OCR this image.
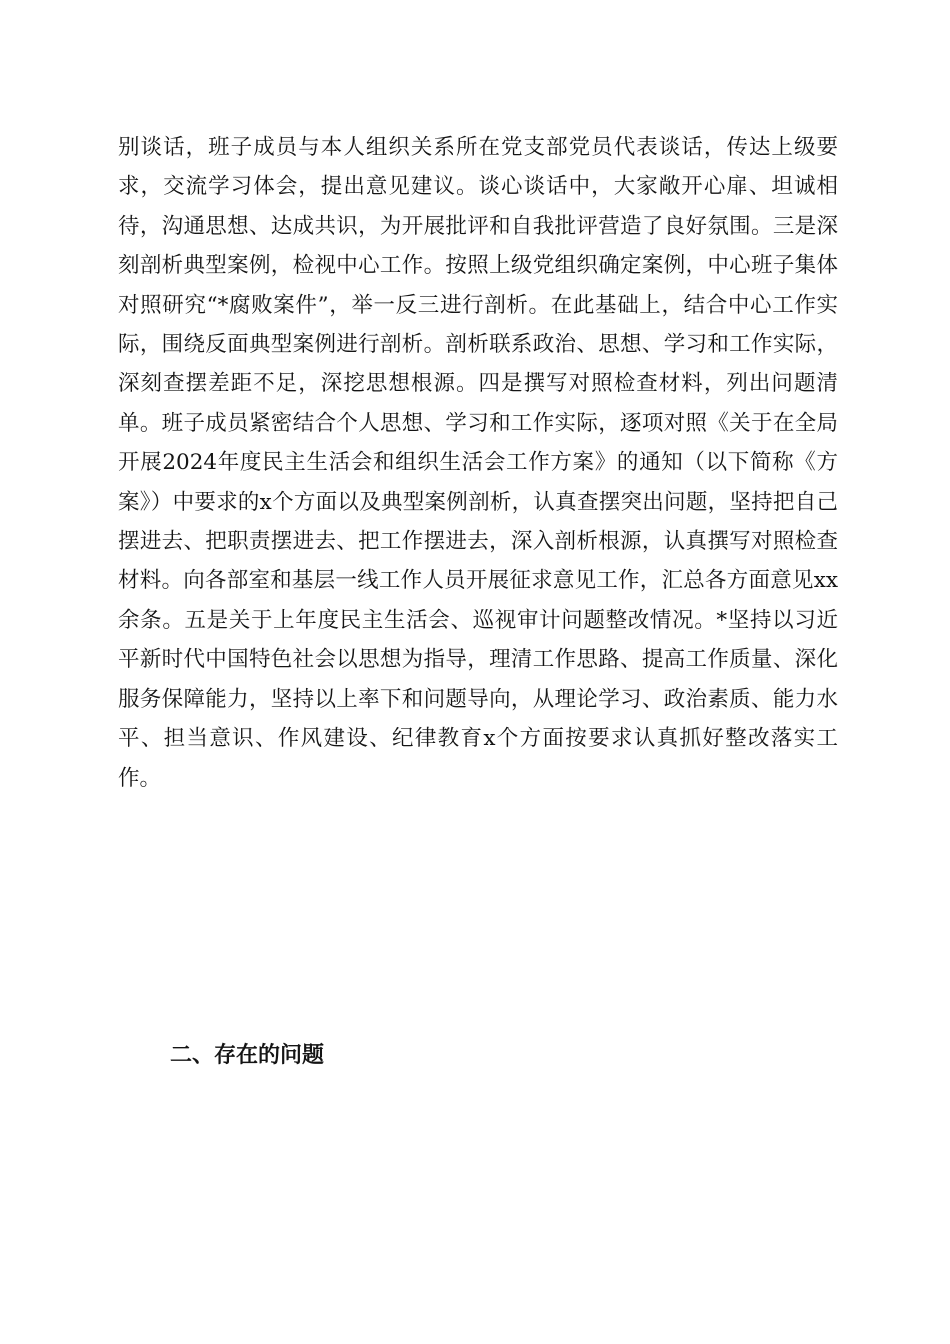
别谈话，班子成员与本人组织关系所在党支部党员代表谈话，传达上级要求，交流学习体会，提出意见建议。谈心谈话中，大家敞开心扉、坦诚相待，沟通思想、达成共识，为开展批评和自我批评营造了良好氛围。三是深刻剖析典型案例，检视中心工作。按照上级党组织确定案例，中心班子集体对照研究“*腐败案件”，举一反三进行剖析。在此基础上，结合中心工作实际，围绕反面典型案例进行剖析。剖析联系政治、思想、学习和工作实际，深刻查摆差距不足，深挖思想根源。四是撰写对照检查材料，列出问题清单。班子成员紧密结合个人思想、学习和工作实际，逐项对照《关于在全局开展2024年度民主生活会和组织生活会工作方案》的通知（以下简称《方案》）中要求的x个方面以及典型案例剖析，认真查摆突出问题，坚持把自己摆进去、把职责摆进去、把工作摆进去，深入剖析根源，认真撰写对照检查材料。向各部室和基层一线工作人员开展征求意见工作，汇总各方面意见xx余条。五是关于上年度民主生活会、巡视审计问题整改情况。*坚持以习近平新时代中国特色社会以思想为指导，理清工作思路、提高工作质量、深化服务保障能力，坚持以上率下和问题导向，从理论学习、政治素质、能力水平、担当意识、作风建设、纪律教育x个方面按要求认真抓好整改落实工作。

二、存在的问题
